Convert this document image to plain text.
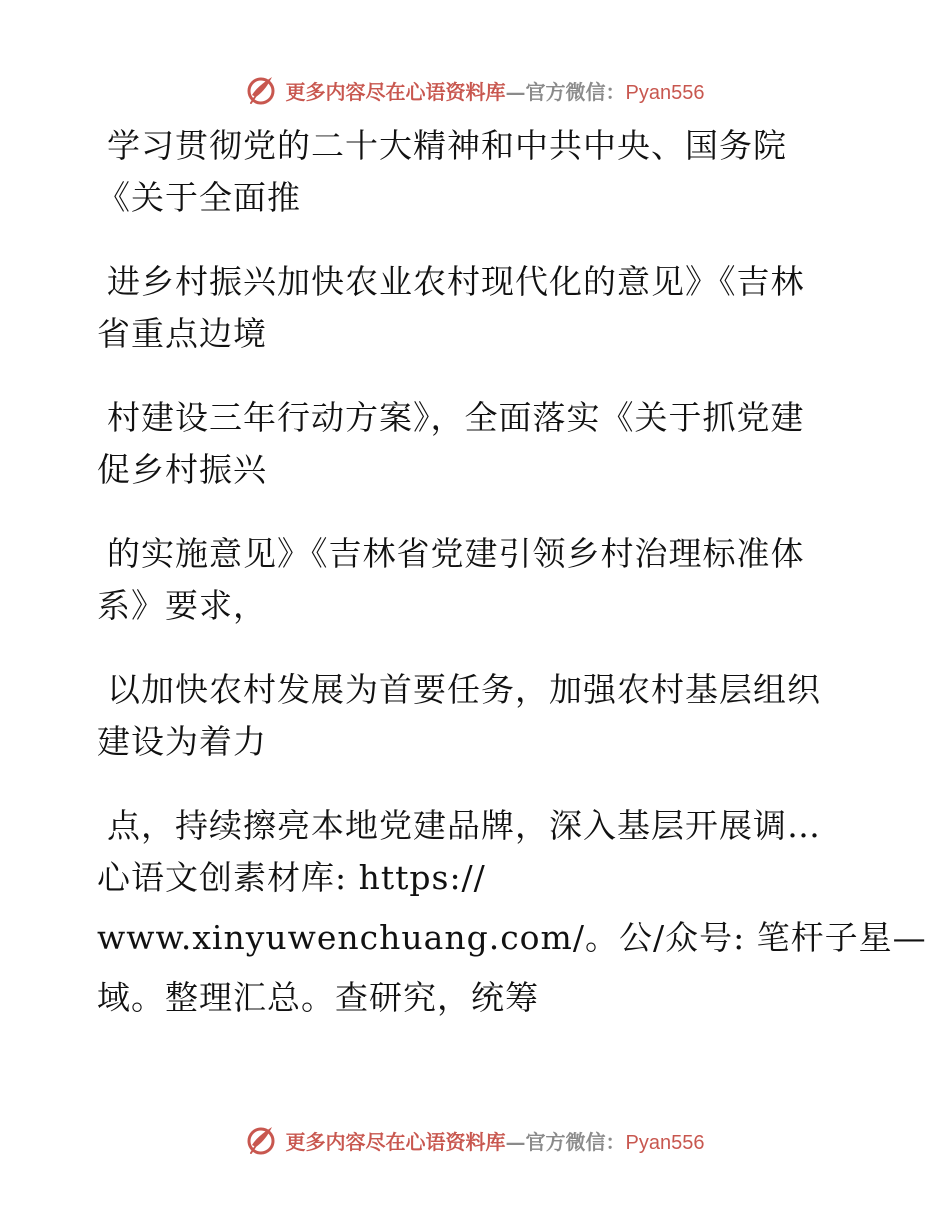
更多内容尽在心语资料库 —官方微信： Pyan556
学习贯彻党的二十大精神和中共中央、国务院
《关于全面推
进乡村振兴加快农业农村现代化的意见》《吉林
省重点边境
村建设三年行动方案》，全面落实《关于抓党建
促乡村振兴
的实施意见》《吉林省党建引领乡村治理标准体
系》要求，
以加快农村发展为首要任务，加强农村基层组织
建设为着力
点，持续擦亮本地党建品牌，深入基层开展调…
心语文创素材库: https://
www.xinyuwenchuang.com/。公/众号: 笔杆子星—
域。整理汇总。查研究，统筹
更多内容尽在心语资料库 —官方微信： Pyan556
